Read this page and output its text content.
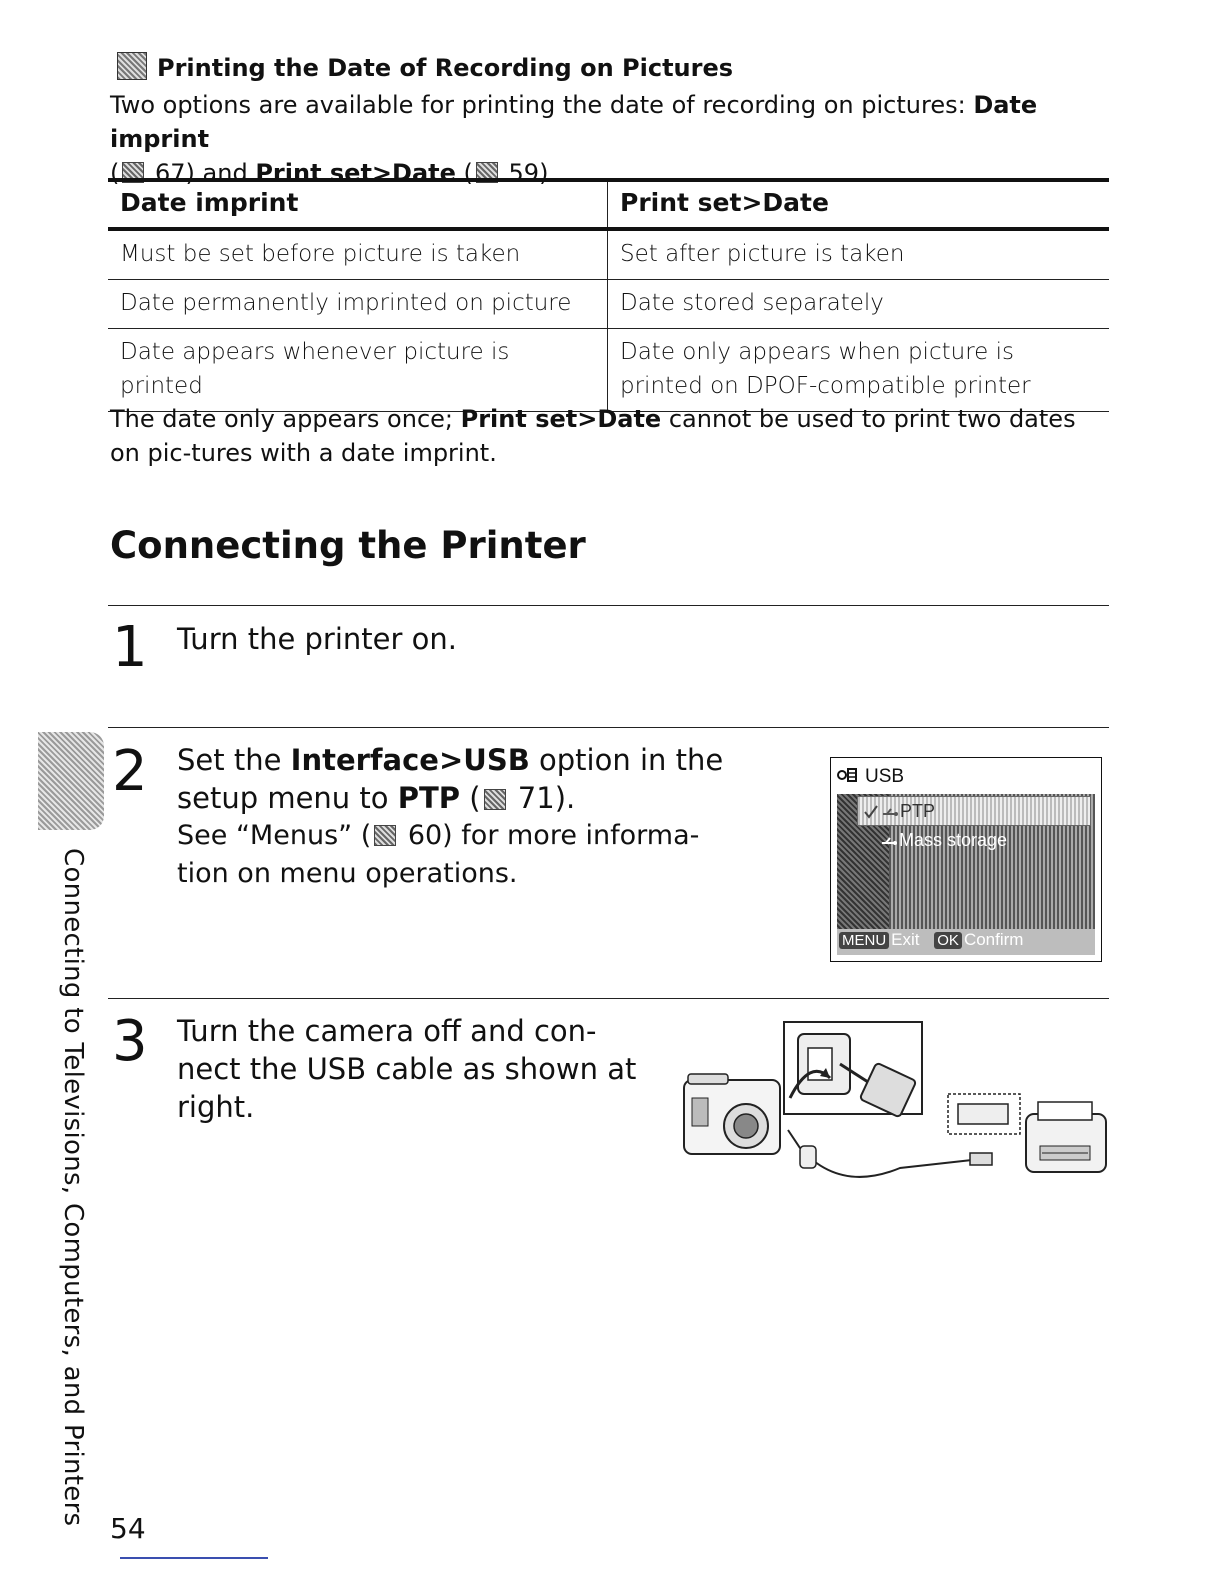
Printing the Date of Recording on Pictures
Two options are available for printing the date of recording on pictures: Date imprint
( 67) and Print set>Date ( 59).
Date imprint	Print set>Date
Must be set before picture is taken	Set after picture is taken
Date permanently imprinted on picture	Date stored separately
Date appears whenever picture is printed	Date only appears when picture is printed on DPOF-compatible printer
The date only appears once; Print set>Date cannot be used to print two dates on pic-tures with a date imprint.
Connecting the Printer
1 Turn the printer on.
Connecting to Televisions, Computers, and Printers
2 Set the Interface>USB option in the setup menu to PTP ( 71).
See “Menus” ( 60) for more informa-tion on menu operations.
USB
PTP
Mass storage
MENU Exit OK Confirm
3 Turn the camera off and con-nect the USB cable as shown at right.
54
